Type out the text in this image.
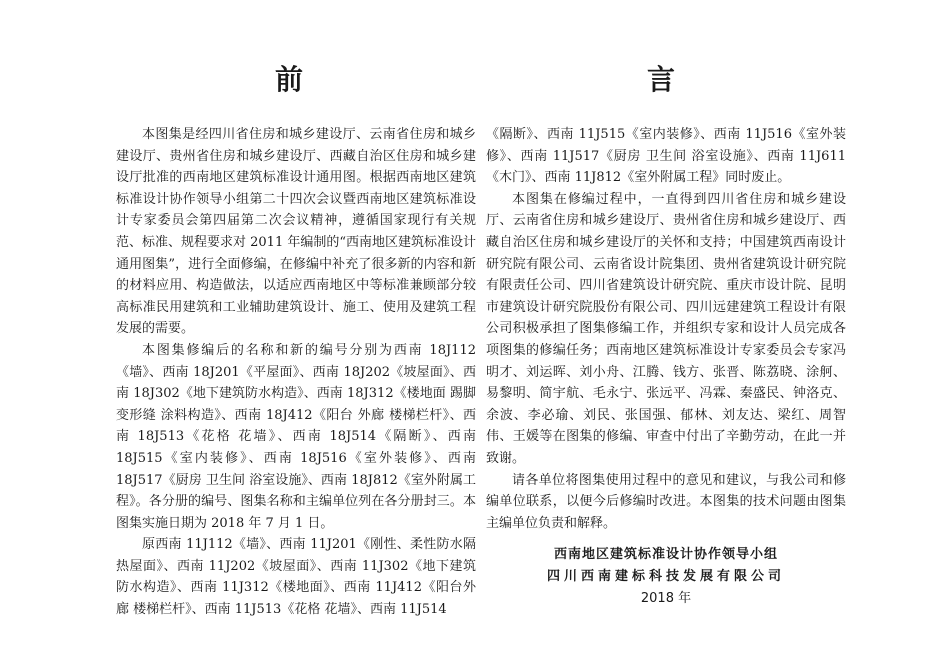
前　　言

本图集是经四川省住房和城乡建设厅、云南省住房和城乡建设厅、贵州省住房和城乡建设厅、西藏自治区住房和城乡建设厅批准的西南地区建筑标准设计通用图。根据西南地区建筑标准设计协作领导小组第二十四次会议暨西南地区建筑标准设计专家委员会第四届第二次会议精神，遵循国家现行有关规范、标准、规程要求对 2011 年编制的“西南地区建筑标准设计通用图集”，进行全面修编，在修编中补充了很多新的内容和新的材料应用、构造做法，以适应西南地区中等标准兼顾部分较高标准民用建筑和工业辅助建筑设计、施工、使用及建筑工程发展的需要。

本图集修编后的名称和新的编号分别为西南 18J112《墙》、西南 18J201《平屋面》、西南 18J202《坡屋面》、西南 18J302《地下建筑防水构造》、西南 18J312《楼地面 踢脚 变形缝 涂料构造》、西南 18J412《阳台 外廊 楼梯栏杆》、西南 18J513《花格 花墙》、西南 18J514《隔断》、西南 18J515《室内装修》、西南 18J516《室外装修》、西南 18J517《厨房 卫生间 浴室设施》、西南 18J812《室外附属工程》。各分册的编号、图集名称和主编单位列在各分册封三。本图集实施日期为 2018 年 7 月 1 日。

原西南 11J112《墙》、西南 11J201《刚性、柔性防水隔热屋面》、西南 11J202《坡屋面》、西南 11J302《地下建筑防水构造》、西南 11J312《楼地面》、西南 11J412《阳台外廊 楼梯栏杆》、西南 11J513《花格 花墙》、西南 11J514

《隔断》、西南 11J515《室内装修》、西南 11J516《室外装修》、西南 11J517《厨房 卫生间 浴室设施》、西南 11J611《木门》、西南 11J812《室外附属工程》同时废止。

本图集在修编过程中，一直得到四川省住房和城乡建设厅、云南省住房和城乡建设厅、贵州省住房和城乡建设厅、西藏自治区住房和城乡建设厅的关怀和支持；中国建筑西南设计研究院有限公司、云南省设计院集团、贵州省建筑设计研究院有限责任公司、四川省建筑设计研究院、重庆市设计院、昆明市建筑设计研究院股份有限公司、四川远建建筑工程设计有限公司积极承担了图集修编工作，并组织专家和设计人员完成各项图集的修编任务；西南地区建筑标准设计专家委员会专家冯明才、刘运晖、刘小舟、江腾、钱方、张晋、陈荔晓、涂舸、易黎明、简宇航、毛永宁、张远平、冯霖、秦盛民、钟洛克、余波、李必瑜、刘民、张国强、郁林、刘友达、梁红、周智伟、王媛等在图集的修编、审查中付出了辛勤劳动，在此一并致谢。

请各单位将图集使用过程中的意见和建议，与我公司和修编单位联系，以便今后修编时改进。本图集的技术问题由图集主编单位负责和解释。

西南地区建筑标准设计协作领导小组
四川西南建标科技发展有限公司
2018 年
